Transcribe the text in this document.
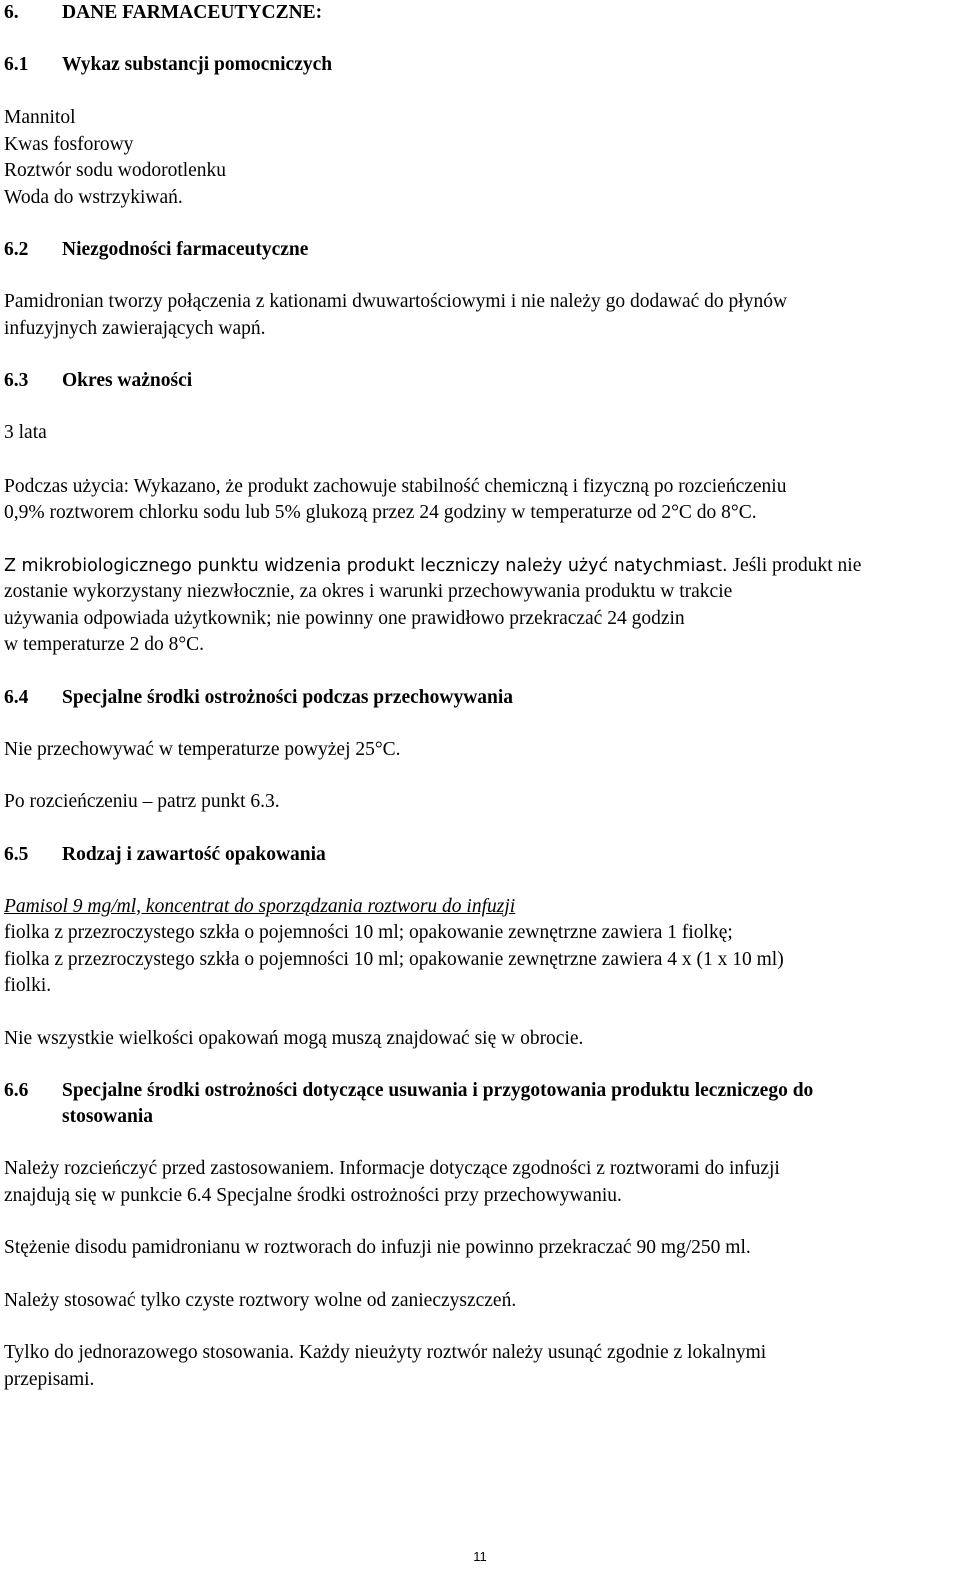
6.	DANE FARMACEUTYCZNE:
6.1	Wykaz substancji pomocniczych

Mannitol
Kwas fosforowy
Roztwór sodu wodorotlenku
Woda do wstrzykiwań.

6.2	Niezgodności farmaceutyczne

Pamidronian tworzy połączenia z kationami dwuwartościowymi i nie należy go dodawać do płynów
infuzyjnych zawierających wapń.

6.3	Okres ważności

3 lata

Podczas użycia: Wykazano, że produkt zachowuje stabilność chemiczną i fizyczną po rozcieńczeniu
0,9% roztworem chlorku sodu lub 5% glukozą przez 24 godziny w temperaturze od 2°C do 8°C.

Z mikrobiologicznego punktu widzenia produkt leczniczy należy użyć natychmiast. Jeśli produkt nie
zostanie wykorzystany niezwłocznie, za okres i warunki przechowywania produktu w trakcie
używania odpowiada użytkownik; nie powinny one prawidłowo przekraczać 24 godzin
w temperaturze 2 do 8°C.

6.4	Specjalne środki ostrożności podczas przechowywania

Nie przechowywać w temperaturze powyżej 25°C.

Po rozcieńczeniu – patrz punkt 6.3.

6.5	Rodzaj i zawartość opakowania

Pamisol 9 mg/ml, koncentrat do sporządzania roztworu do infuzji
fiolka z przezroczystego szkła o pojemności 10 ml; opakowanie zewnętrzne zawiera 1 fiolkę;
fiolka z przezroczystego szkła o pojemności 10 ml; opakowanie zewnętrzne zawiera 4 x (1 x 10 ml)
fiolki.

Nie wszystkie wielkości opakowań mogą muszą znajdować się w obrocie.

6.6	Specjalne środki ostrożności dotyczące usuwania i przygotowania produktu leczniczego do
stosowania

Należy rozcieńczyć przed zastosowaniem. Informacje dotyczące zgodności z roztworami do infuzji
znajdują się w punkcie 6.4 Specjalne środki ostrożności przy przechowywaniu.

Stężenie disodu pamidronianu w roztworach do infuzji nie powinno przekraczać 90 mg/250 ml.

Należy stosować tylko czyste roztwory wolne od zanieczyszczeń.

Tylko do jednorazowego stosowania. Każdy nieużyty roztwór należy usunąć zgodnie z lokalnymi
przepisami.

11
